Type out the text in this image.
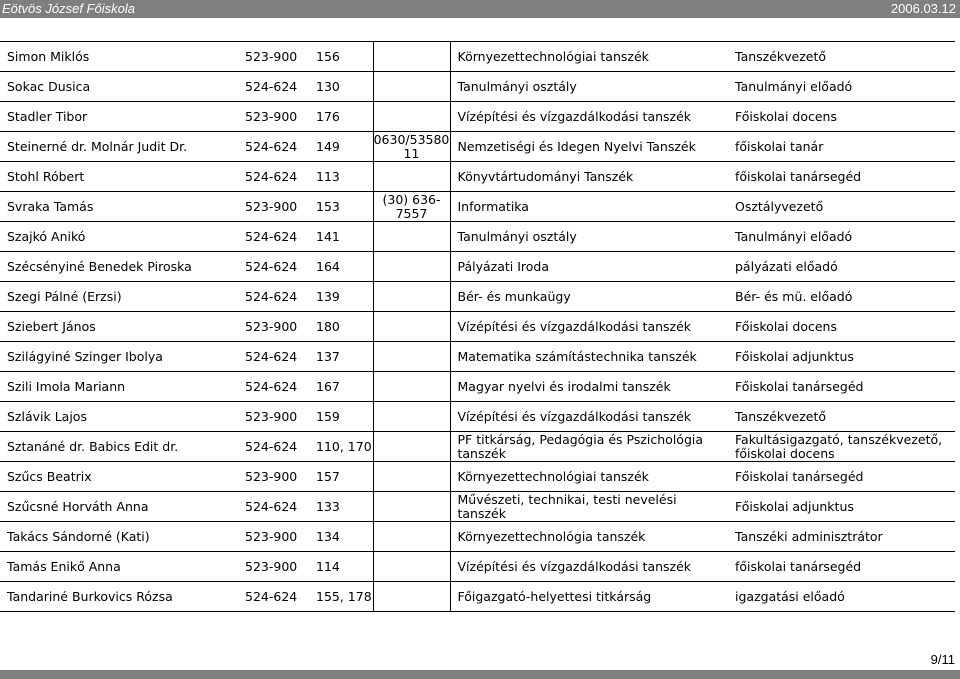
Eötvös József Főiskola	2006.03.12
Simon Miklós	523-900	156		Környezettechnológiai tanszék	Tanszékvezető
Sokac Dusica	524-624	130		Tanulmányi osztály	Tanulmányi előadó
Stadler Tibor	523-900	176		Vízépítési és vízgazdálkodási tanszék	Főiskolai docens
Steinerné dr. Molnár Judit Dr.	524-624	149	0630/53580 11	Nemzetiségi és Idegen Nyelvi Tanszék	főiskolai tanár
Stohl Róbert	524-624	113		Könyvtártudományi Tanszék	főiskolai tanársegéd
Svraka Tamás	523-900	153	(30) 636-7557	Informatika	Osztályvezető
Szajkó Anikó	524-624	141		Tanulmányi osztály	Tanulmányi előadó
Szécsényiné Benedek Piroska	524-624	164		Pályázati Iroda	pályázati előadó
Szegi Pálné (Erzsi)	524-624	139		Bér- és munkaügy	Bér- és mü. előadó
Sziebert János	523-900	180		Vízépítési és vízgazdálkodási tanszék	Főiskolai docens
Szilágyiné Szinger Ibolya	524-624	137		Matematika számítástechnika tanszék	Főiskolai adjunktus
Szili Imola Mariann	524-624	167		Magyar nyelvi és irodalmi tanszék	Főiskolai tanársegéd
Szlávik Lajos	523-900	159		Vízépítési és vízgazdálkodási tanszék	Tanszékvezető
Sztanáné dr. Babics Edit dr.	524-624	110, 170		PF titkárság, Pedagógia és Pszichológia tanszék	Fakultásigazgató, tanszékvezető, főiskolai docens
Szűcs Beatrix	523-900	157		Környezettechnológiai tanszék	Főiskolai tanársegéd
Szűcsné Horváth Anna	524-624	133		Művészeti, technikai, testi nevelési tanszék	Főiskolai adjunktus
Takács Sándorné (Kati)	523-900	134		Környezettechnológia tanszék	Tanszéki adminisztrátor
Tamás Enikő Anna	523-900	114		Vízépítési és vízgazdálkodási tanszék	főiskolai tanársegéd
Tandariné Burkovics Rózsa	524-624	155, 178		Főigazgató-helyettesi titkárság	igazgatási előadó
9/11
